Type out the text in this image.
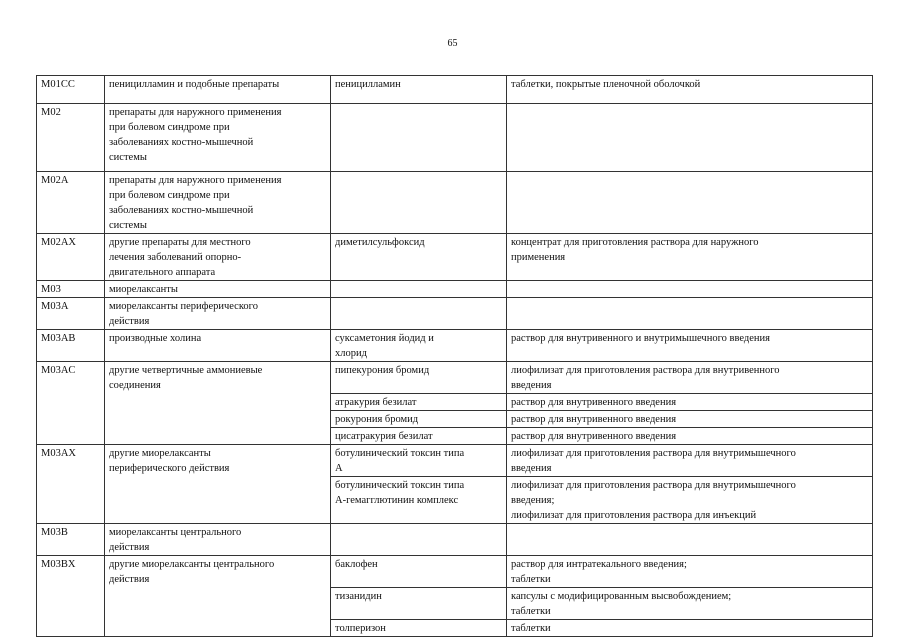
65
M01CC	пеницилламин и подобные препараты	пеницилламин	таблетки, покрытые пленочной оболочкой
M02	препараты для наружного применения
при болевом синдроме при
заболеваниях костно-мышечной
системы		
M02A	препараты для наружного применения
при болевом синдроме при
заболеваниях костно-мышечной
системы		
M02AX	другие препараты для местного
лечения заболеваний опорно-
двигательного аппарата	диметилсульфоксид	концентрат для приготовления раствора для наружного
применения
M03	миорелаксанты		
M03A	миорелаксанты периферического
действия		
M03AB	производные холина	суксаметония йодид и
хлорид	раствор для внутривенного и внутримышечного введения
M03AC	другие четвертичные аммониевые
соединения	пипекурония бромид	лиофилизат для приготовления раствора для внутривенного
введения
		атракурия безилат	раствор для внутривенного введения
		рокурония бромид	раствор для внутривенного введения
		цисатракурия безилат	раствор для внутривенного введения
M03AX	другие миорелаксанты
периферического действия	ботулинический токсин типа
A	лиофилизат для приготовления раствора для внутримышечного
введения
		ботулинический токсин типа
A-гемагглютинин комплекс	лиофилизат для приготовления раствора для внутримышечного
введения;
лиофилизат для приготовления раствора для инъекций
M03B	миорелаксанты центрального
действия		
M03BX	другие миорелаксанты центрального
действия	баклофен	раствор для интратекального введения;
таблетки
		тизанидин	капсулы с модифицированным высвобождением;
таблетки
		толперизон	таблетки
